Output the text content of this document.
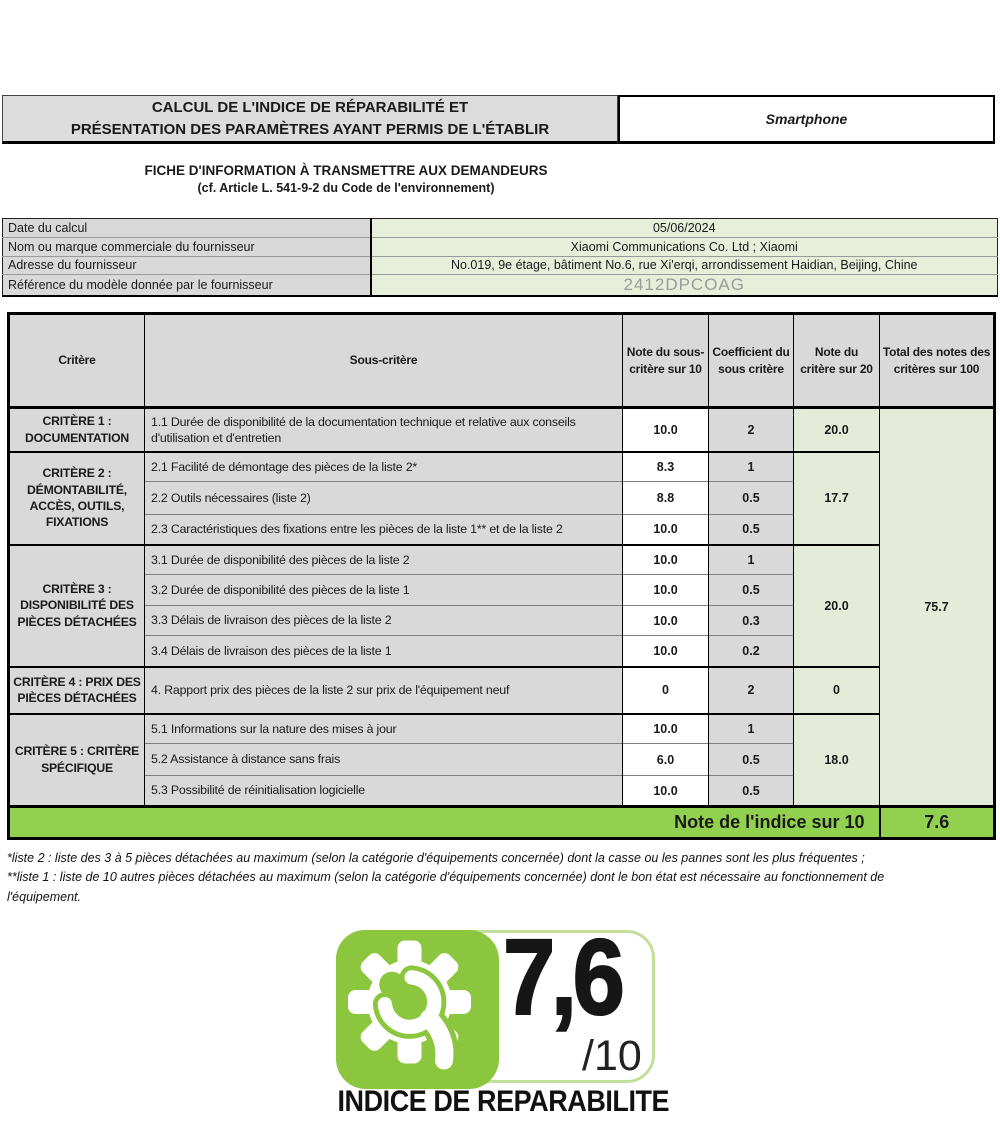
CALCUL DE L'INDICE DE RÉPARABILITÉ ET
PRÉSENTATION DES PARAMÈTRES AYANT PERMIS DE L'ÉTABLIR
Smartphone
FICHE D'INFORMATION À TRANSMETTRE AUX DEMANDEURS
(cf. Article L. 541-9-2 du Code de l'environnement)
Date du calcul	05/06/2024
Nom ou marque commerciale du fournisseur	Xiaomi Communications Co. Ltd ; Xiaomi
Adresse du fournisseur	No.019, 9e étage, bâtiment No.6, rue Xi'erqi, arrondissement Haidian, Beijing, Chine
Référence du modèle donnée par le fournisseur	2412DPCOAG
Critère	Sous-critère	Note du sous-critère sur 10	Coefficient du sous critère	Note du critère sur 20	Total des notes des critères sur 100
CRITÈRE 1 : DOCUMENTATION	1.1 Durée de disponibilité de la documentation technique et relative aux conseils d'utilisation et d'entretien	10.0	2	20.0	75.7
CRITÈRE 2 : DÉMONTABILITÉ, ACCÈS, OUTILS, FIXATIONS	2.1 Facilité de démontage des pièces de la liste 2*	8.3	1	17.7	
	2.2 Outils nécessaires (liste 2)	8.8	0.5		
	2.3 Caractéristiques des fixations entre les pièces de la liste 1** et de la liste 2	10.0	0.5		
CRITÈRE 3 : DISPONIBILITÉ DES PIÈCES DÉTACHÉES	3.1 Durée de disponibilité des pièces de la liste 2	10.0	1	20.0	
	3.2 Durée de disponibilité des pièces de la liste 1	10.0	0.5		
	3.3 Délais de livraison des pièces de la liste 2	10.0	0.3		
	3.4 Délais de livraison des pièces de la liste 1	10.0	0.2		
CRITÈRE 4 : PRIX DES PIÈCES DÉTACHÉES	4. Rapport prix des pièces de la liste 2 sur prix de l'équipement neuf	0	2	0	
CRITÈRE 5 : CRITÈRE SPÉCIFIQUE	5.1 Informations sur la nature des mises à jour	10.0	1	18.0	
	5.2 Assistance à distance sans frais	6.0	0.5		
	5.3 Possibilité de réinitialisation logicielle	10.0	0.5		
Note de l'indice sur 10					7.6

*liste 2 : liste des 3 à 5 pièces détachées au maximum (selon la catégorie d'équipements concernée) dont la casse ou les pannes sont les plus fréquentes ;

**liste 1 : liste de 10 autres pièces détachées au maximum (selon la catégorie d'équipements concernée) dont le bon état est nécessaire au fonctionnement de l'équipement.

7,6
/10
INDICE DE REPARABILITE
